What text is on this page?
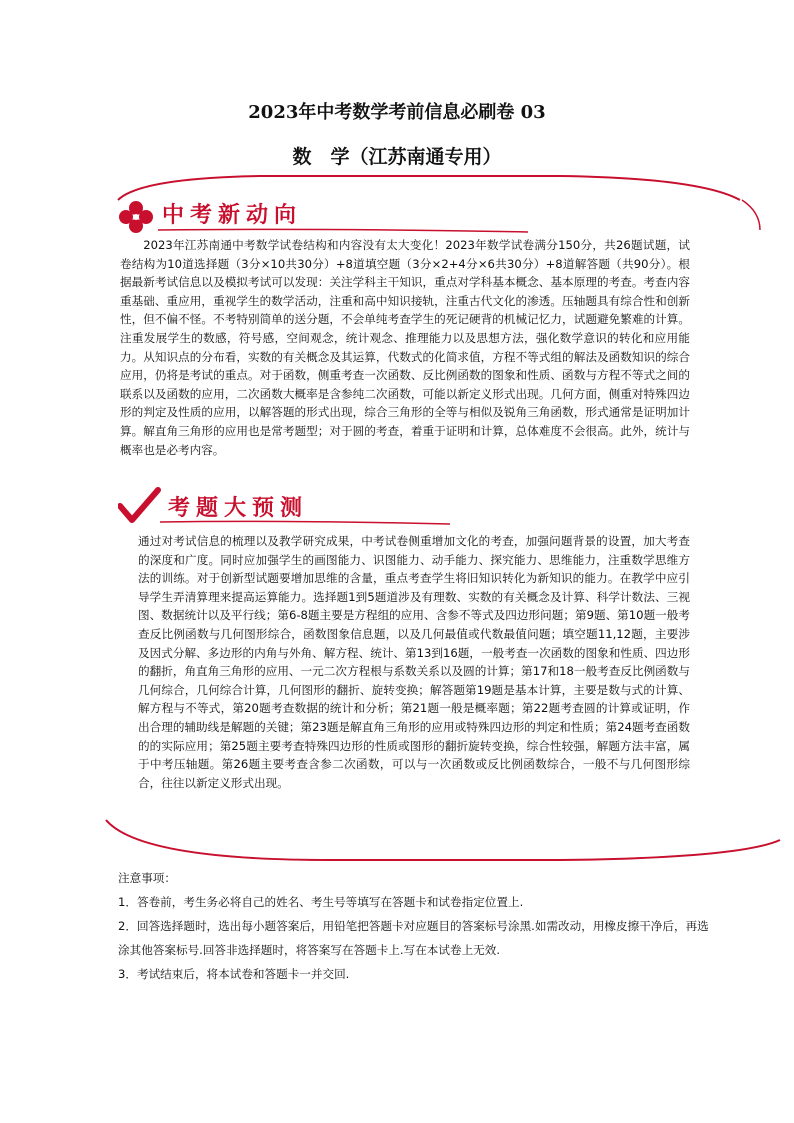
2023年中考数学考前信息必刷卷 03
数　学（江苏南通专用）
中考新动向

2023年江苏南通中考数学试卷结构和内容没有太大变化！2023年数学试卷满分150分，共26题试题，试卷结构为10道选择题（3分×10共30分）+8道填空题（3分×2+4分×6共30分）+8道解答题（共90分）。根据最新考试信息以及模拟考试可以发现：关注学科主干知识，重点对学科基本概念、基本原理的考查。考查内容重基础、重应用，重视学生的数学活动，注重和高中知识接轨，注重古代文化的渗透。压轴题具有综合性和创新性，但不偏不怪。不考特别简单的送分题，不会单纯考查学生的死记硬背的机械记忆力，试题避免繁难的计算。注重发展学生的数感，符号感，空间观念，统计观念、推理能力以及思想方法，强化数学意识的转化和应用能力。从知识点的分布看，实数的有关概念及其运算，代数式的化简求值，方程不等式组的解法及函数知识的综合应用，仍将是考试的重点。对于函数，侧重考查一次函数、反比例函数的图象和性质、函数与方程不等式之间的联系以及函数的应用，二次函数大概率是含参纯二次函数，可能以新定义形式出现。几何方面，侧重对特殊四边形的判定及性质的应用，以解答题的形式出现，综合三角形的全等与相似及锐角三角函数，形式通常是证明加计算。解直角三角形的应用也是常考题型；对于圆的考查，着重于证明和计算，总体难度不会很高。此外，统计与概率也是必考内容。

考题大预测

通过对考试信息的梳理以及教学研究成果，中考试卷侧重增加文化的考查，加强问题背景的设置，加大考查的深度和广度。同时应加强学生的画图能力、识图能力、动手能力、探究能力、思维能力，注重数学思维方法的训练。对于创新型试题要增加思维的含量，重点考查学生将旧知识转化为新知识的能力。在教学中应引导学生弄清算理来提高运算能力。选择题1到5题道涉及有理数、实数的有关概念及计算、科学计数法、三视图、数据统计以及平行线；第6-8题主要是方程组的应用、含参不等式及四边形问题；第9题、第10题一般考查反比例函数与几何图形综合，函数图象信息题，以及几何最值或代数最值问题；填空题11,12题，主要涉及因式分解、多边形的内角与外角、解方程、统计、第13到16题，一般考查一次函数的图象和性质、四边形的翻折，角直角三角形的应用、一元二次方程根与系数关系以及圆的计算；第17和18一般考查反比例函数与几何综合，几何综合计算，几何图形的翻折、旋转变换；解答题第19题是基本计算，主要是数与式的计算、解方程与不等式，第20题考查数据的统计和分析；第21题一般是概率题；第22题考查圆的计算或证明，作出合理的辅助线是解题的关键；第23题是解直角三角形的应用或特殊四边形的判定和性质；第24题考查函数的的实际应用；第25题主要考查特殊四边形的性质或图形的翻折旋转变换，综合性较强，解题方法丰富，属于中考压轴题。第26题主要考查含参二次函数，可以与一次函数或反比例函数综合，一般不与几何图形综合，往往以新定义形式出现。

注意事项：
1．答卷前，考生务必将自己的姓名、考生号等填写在答题卡和试卷指定位置上.
2．回答选择题时，选出每小题答案后，用铅笔把答题卡对应题目的答案标号涂黑.如需改动，用橡皮擦干净后，再选涂其他答案标号.回答非选择题时，将答案写在答题卡上.写在本试卷上无效.
3．考试结束后，将本试卷和答题卡一并交回.
